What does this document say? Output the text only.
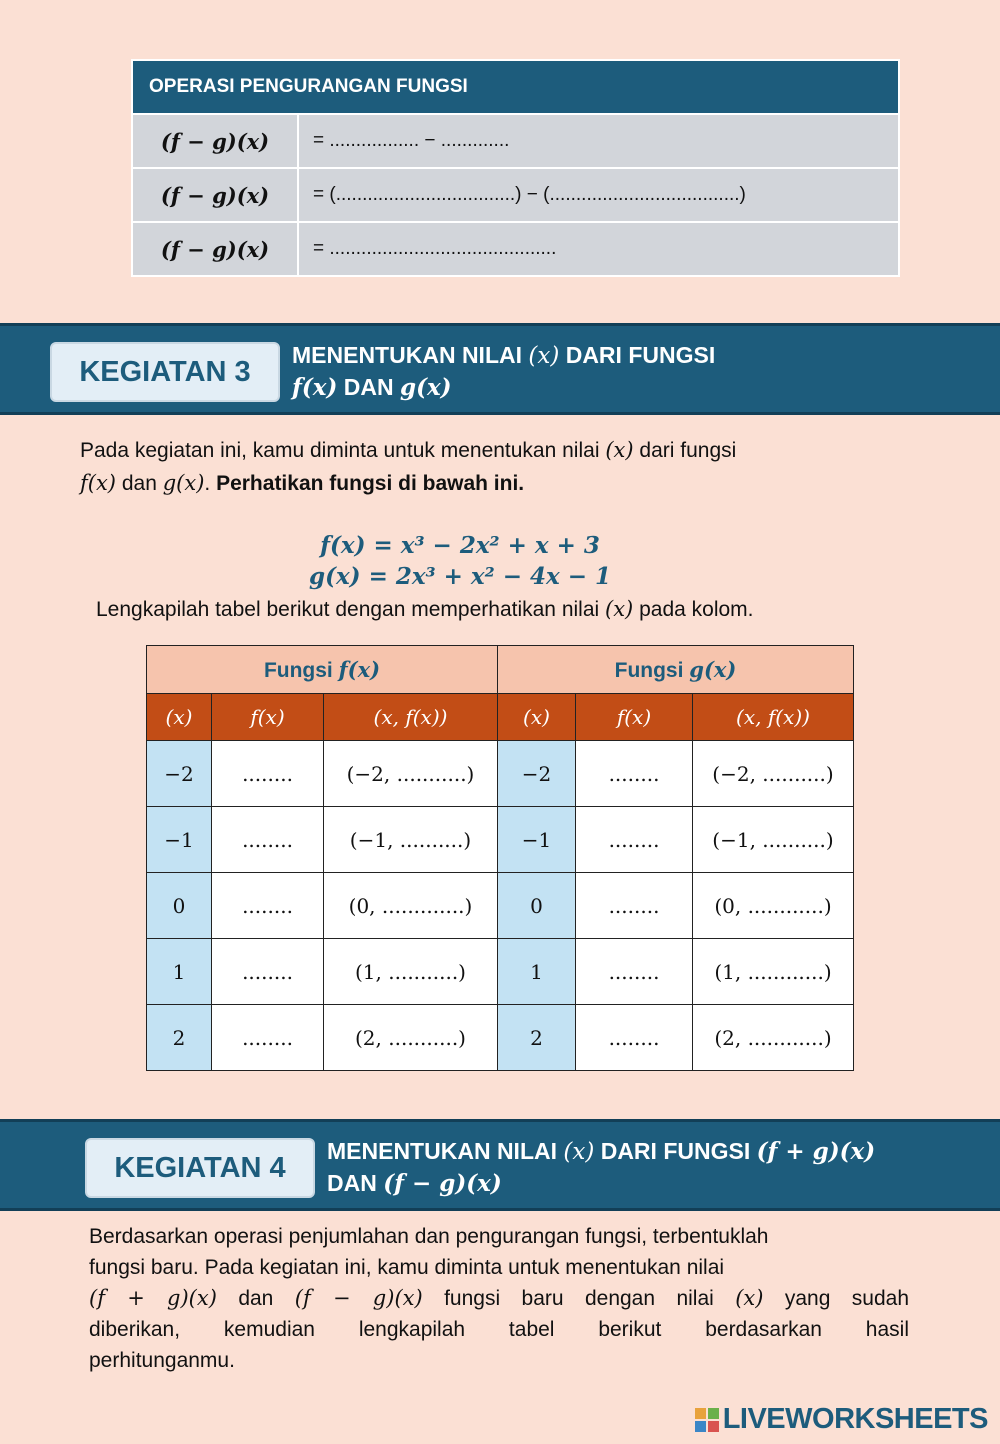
OPERASI PENGURANGAN FUNGSI	
(f − g)(x)	= ................. − .............
(f − g)(x)	= (..................................) − (....................................)
(f − g)(x)	= ...........................................
KEGIATAN 3
MENENTUKAN NILAI (x) DARI FUNGSI
f(x) DAN g(x)
Pada kegiatan ini, kamu diminta untuk menentukan nilai (x) dari fungsi
f(x) dan g(x). Perhatikan fungsi di bawah ini.
f(x) = x³ − 2x² + x + 3
g(x) = 2x³ + x² − 4x − 1
Lengkapilah tabel berikut dengan memperhatikan nilai (x) pada kolom.
Fungsi f(x)			Fungsi g(x)		
(x)	f(x)	(x, f(x))	(x)	f(x)	(x, f(x))
−2	........	(−2, ...........)	−2	........	(−2, ..........)
−1	........	(−1, ..........)	−1	........	(−1, ..........)
0	........	(0, .............)	0	........	(0, ............)
1	........	(1, ...........)	1	........	(1, ............)
2	........	(2, ...........)	2	........	(2, ............)
KEGIATAN 4
MENENTUKAN NILAI (x) DARI FUNGSI (f + g)(x)
DAN (f − g)(x)
Berdasarkan operasi penjumlahan dan pengurangan fungsi, terbentuklah
fungsi baru. Pada kegiatan ini, kamu diminta untuk menentukan nilai
(f + g)(x) dan (f − g)(x) fungsi baru dengan nilai (x) yang sudah
diberikan, kemudian lengkapilah tabel berikut berdasarkan hasil
perhitunganmu.
LIVEWORKSHEETS
